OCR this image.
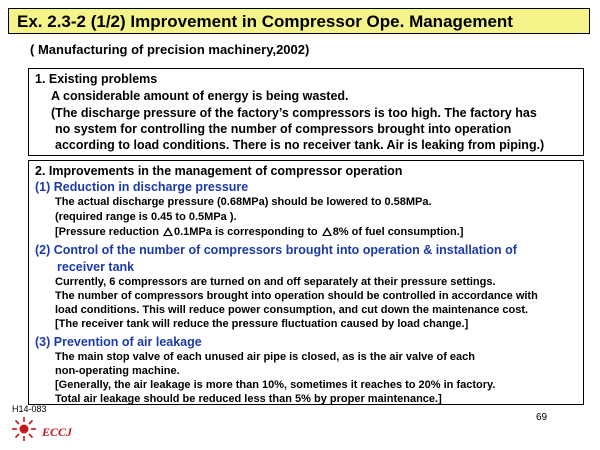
Ex. 2.3-2 (1/2) Improvement in Compressor Ope. Management
( Manufacturing of precision machinery,2002)
1. Existing problems
A considerable amount of energy is being wasted.
(The discharge pressure of the factory’s compressors is too high. The factory has
no system for controlling the number of compressors brought into operation
according to load conditions. There is no receiver tank. Air is leaking from piping.)
2. Improvements in the management of compressor operation
(1) Reduction in discharge pressure
The actual discharge pressure (0.68MPa) should be lowered to 0.58MPa.
(required range is 0.45 to 0.5MPa ).
[Pressure reduction 0.1MPa is corresponding to 8% of fuel consumption.]
(2) Control of the number of compressors brought into operation & installation of
receiver tank
Currently, 6 compressors are turned on and off separately at their pressure settings.
The number of compressors brought into operation should be controlled in accordance with
load conditions. This will reduce power consumption, and cut down the maintenance cost.
[The receiver tank will reduce the pressure fluctuation caused by load change.]
(3) Prevention of air leakage
The main stop valve of each unused air pipe is closed, as is the air valve of each
non-operating machine.
[Generally, the air leakage is more than 10%, sometimes it reaches to 20% in factory.
Total air leakage should be reduced less than 5% by proper maintenance.]
H14-083
ECCJ
69
